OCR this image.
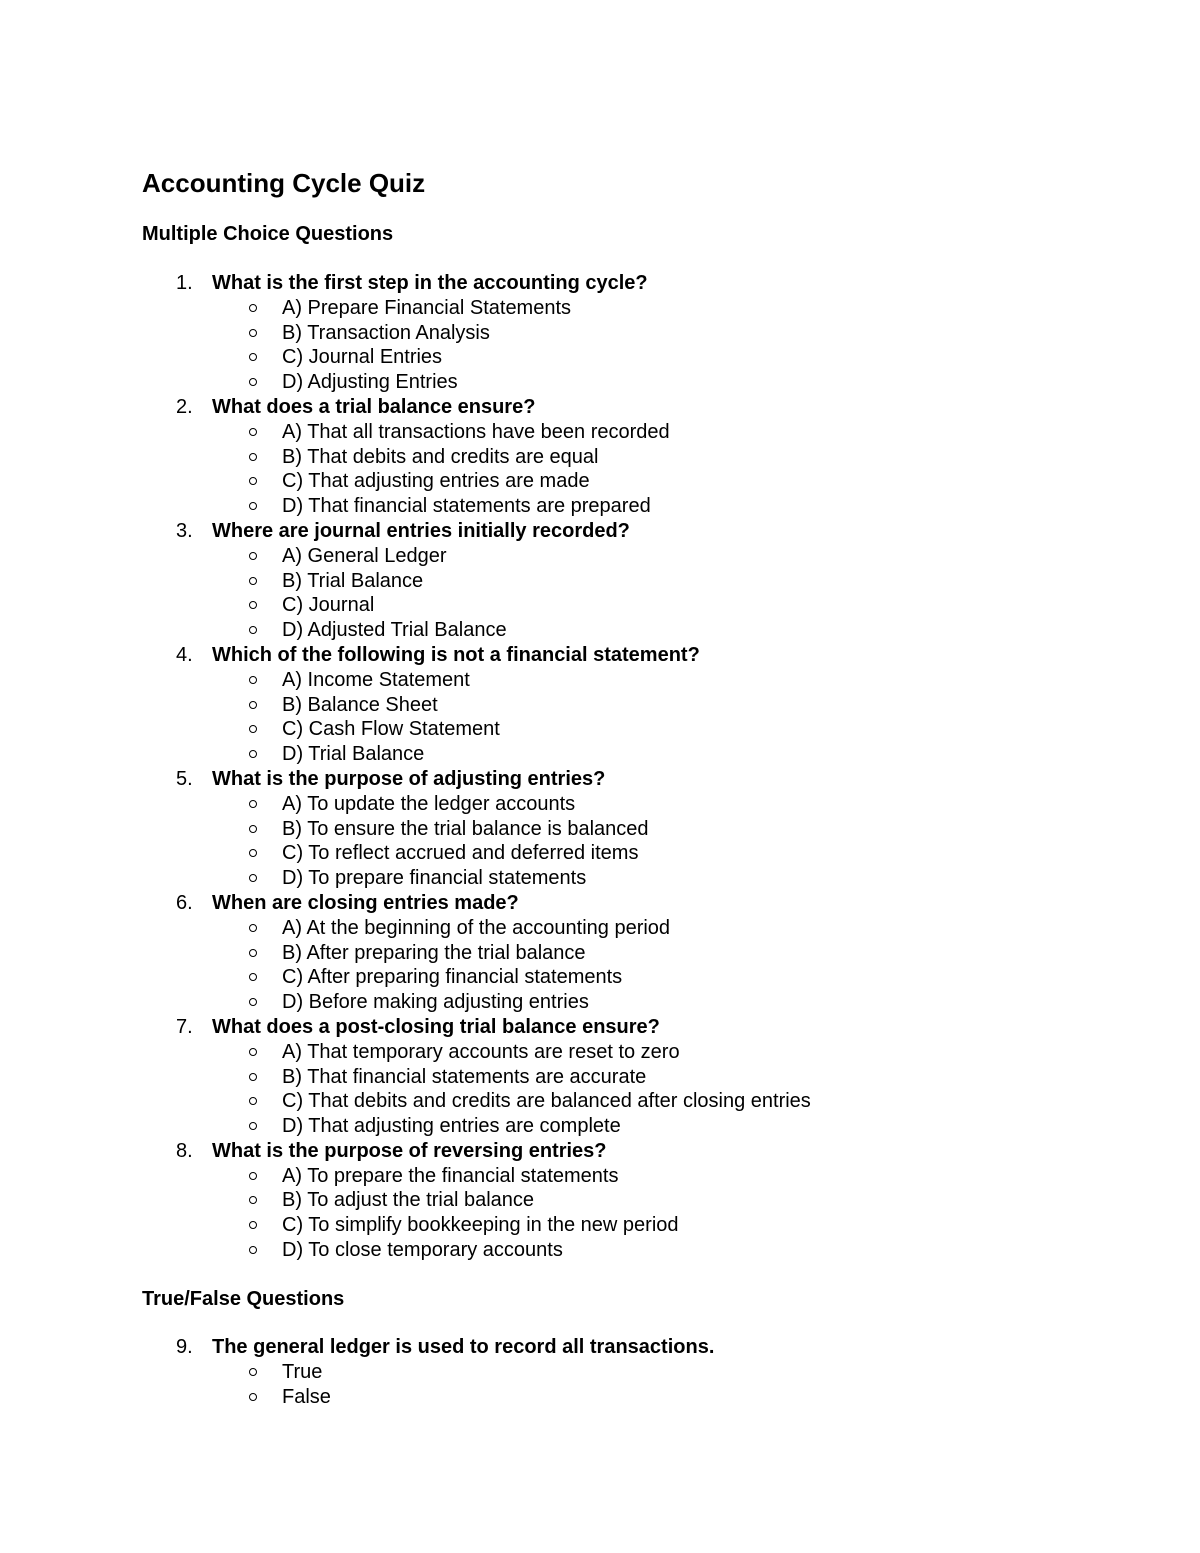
Accounting Cycle Quiz
Multiple Choice Questions
1. What is the first step in the accounting cycle?
A) Prepare Financial Statements
B) Transaction Analysis
C) Journal Entries
D) Adjusting Entries
2. What does a trial balance ensure?
A) That all transactions have been recorded
B) That debits and credits are equal
C) That adjusting entries are made
D) That financial statements are prepared
3. Where are journal entries initially recorded?
A) General Ledger
B) Trial Balance
C) Journal
D) Adjusted Trial Balance
4. Which of the following is not a financial statement?
A) Income Statement
B) Balance Sheet
C) Cash Flow Statement
D) Trial Balance
5. What is the purpose of adjusting entries?
A) To update the ledger accounts
B) To ensure the trial balance is balanced
C) To reflect accrued and deferred items
D) To prepare financial statements
6. When are closing entries made?
A) At the beginning of the accounting period
B) After preparing the trial balance
C) After preparing financial statements
D) Before making adjusting entries
7. What does a post-closing trial balance ensure?
A) That temporary accounts are reset to zero
B) That financial statements are accurate
C) That debits and credits are balanced after closing entries
D) That adjusting entries are complete
8. What is the purpose of reversing entries?
A) To prepare the financial statements
B) To adjust the trial balance
C) To simplify bookkeeping in the new period
D) To close temporary accounts
True/False Questions
9. The general ledger is used to record all transactions.
True
False
